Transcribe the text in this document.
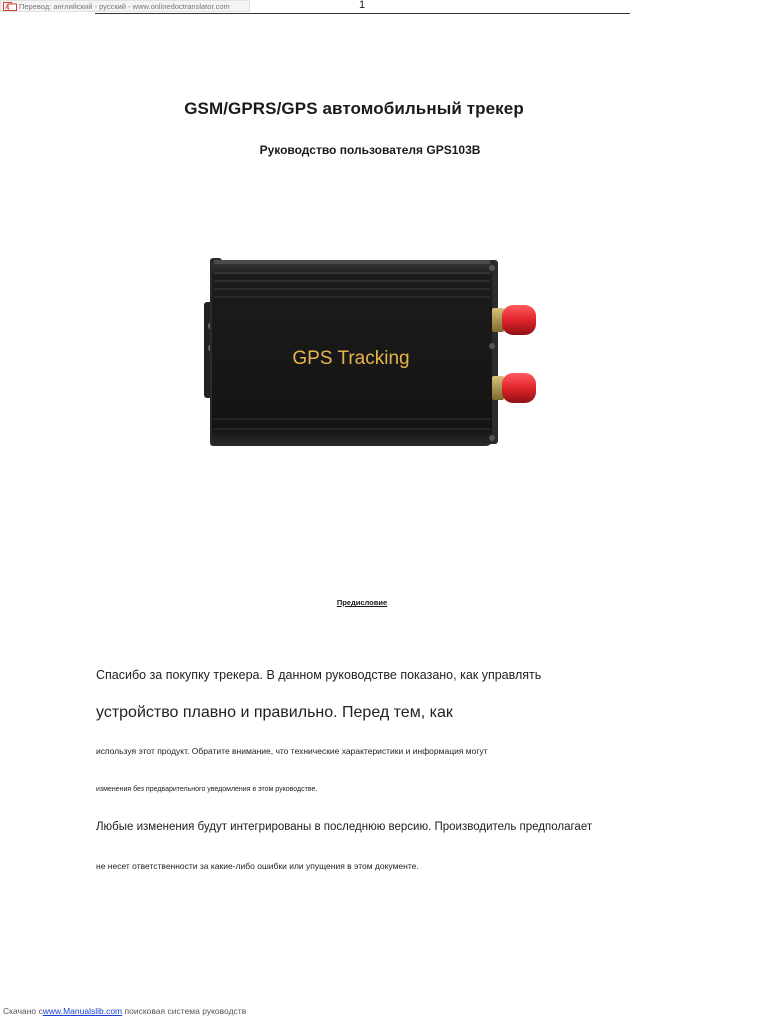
A Перевод: английский - русский - www.onlinedoctranslator.com	1
GSM/GPRS/GPS автомобильный трекер
Руководство пользователя GPS103B
GPS Tracking
Предисловие
Спасибо за покупку трекера. В данном руководстве показано, как управлять
устройство плавно и правильно. Перед тем, как
используя этот продукт. Обратите внимание, что технические характеристики и информация могут
изменения без предварительного уведомления в этом руководстве.
Любые изменения будут интегрированы в последнюю версию. Производитель предполагает
не несет ответственности за какие-либо ошибки или упущения в этом документе.
Скачано сwww.Manualslib.com поисковая система руководств
